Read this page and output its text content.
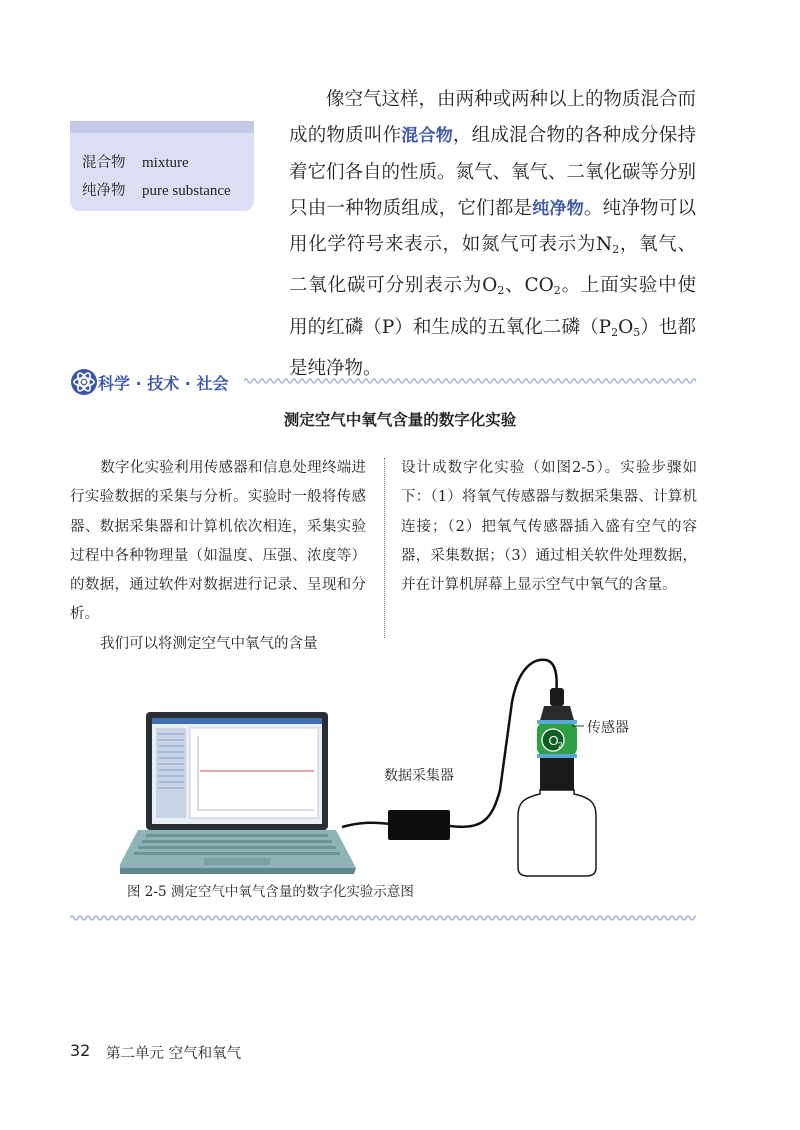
混合物 mixture
纯净物 pure substance
像空气这样，由两种或两种以上的物质混合而成的物质叫作混合物，组成混合物的各种成分保持着它们各自的性质。氮气、氧气、二氧化碳等分别只由一种物质组成，它们都是纯净物。纯净物可以用化学符号来表示，如氮气可表示为$N_2$，氧气、二氧化碳可分别表示为$O_2$、$CO_2$。上面实验中使用的红磷（P）和生成的五氧化二磷$(P_2O_5)$也都是纯净物。
科学 · 技术 · 社会
测定空气中氧气含量的数字化实验
数字化实验利用传感器和信息处理终端进行实验数据的采集与分析。实验时一般将传感器、数据采集器和计算机依次相连，采集实验过程中各种物理量（如温度、压强、浓度等）的数据，通过软件对数据进行记录、呈现和分析。
我们可以将测定空气中氧气的含量
设计成数字化实验（如图2-5）。实验步骤如下：（1）将氧气传感器与数据采集器、计算机连接；（2）把氧气传感器插入盛有空气的容器，采集数据；（3）通过相关软件处理数据，并在计算机屏幕上显示空气中氧气的含量。
O 2
数据采集器
传感器
图 2-5 测定空气中氧气含量的数字化实验示意图
32 第二单元 空气和氧气
